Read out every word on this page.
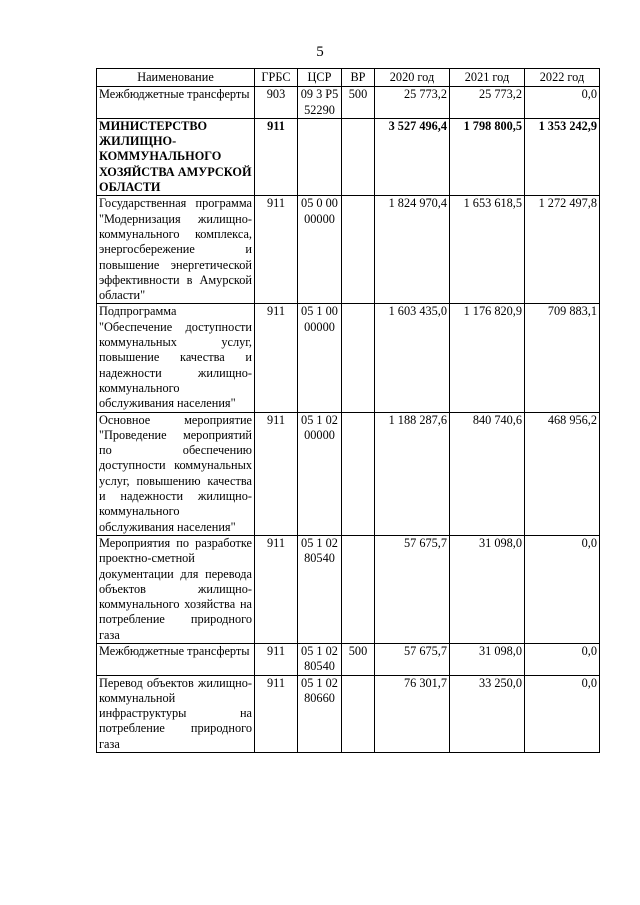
5
Наименование	ГРБС	ЦСР	ВР	2020 год	2021 год	2022 год
Межбюджетные трансферты	903	09 3 P5 52290	500	25 773,2	25 773,2	0,0
МИНИСТЕРСТВО ЖИЛИЩНО-КОММУНАЛЬНОГО ХОЗЯЙСТВА АМУРСКОЙ ОБЛАСТИ	911			3 527 496,4	1 798 800,5	1 353 242,9
Государственная программа "Модернизация жилищно-коммунального комплекса, энергосбережение и повышение энергетической эффективности в Амурской области"	911	05 0 00 00000		1 824 970,4	1 653 618,5	1 272 497,8
Подпрограмма "Обеспечение доступности коммунальных услуг, повышение качества и надежности жилищно-коммунального обслуживания населения"	911	05 1 00 00000		1 603 435,0	1 176 820,9	709 883,1
Основное мероприятие "Проведение мероприятий по обеспечению доступности коммунальных услуг, повышению качества и надежности жилищно-коммунального обслуживания населения"	911	05 1 02 00000		1 188 287,6	840 740,6	468 956,2
Мероприятия по разработке проектно-сметной документации для перевода объектов жилищно-коммунального хозяйства на потребление природного газа	911	05 1 02 80540		57 675,7	31 098,0	0,0
Межбюджетные трансферты	911	05 1 02 80540	500	57 675,7	31 098,0	0,0
Перевод объектов жилищно-коммунальной инфраструктуры на потребление природного газа	911	05 1 02 80660		76 301,7	33 250,0	0,0
